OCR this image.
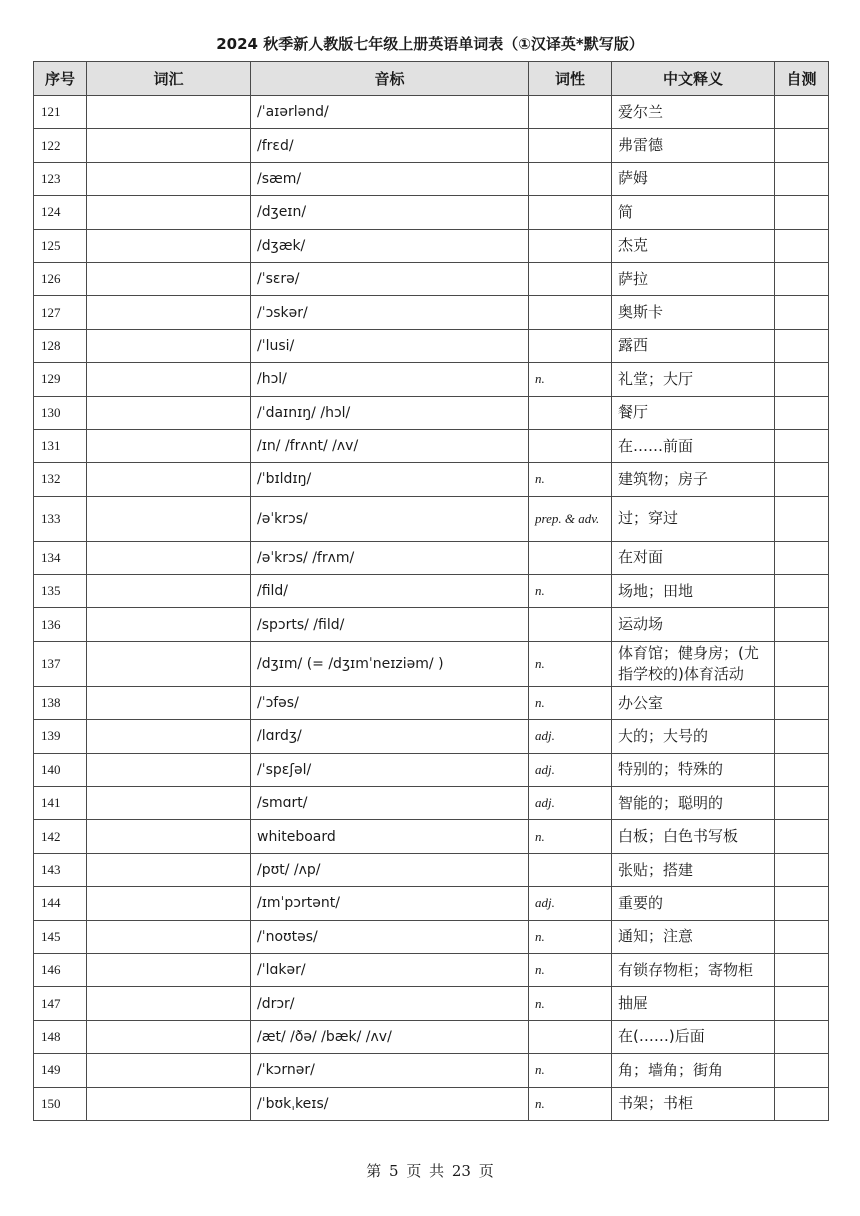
2024 秋季新人教版七年级上册英语单词表（①汉译英*默写版）
序号	词汇	音标	词性	中文释义	自测
121		/ˈaɪərlənd/		爱尔兰	
122		/frɛd/		弗雷德	
123		/sæm/		萨姆	
124		/dʒeɪn/		简	
125		/dʒæk/		杰克	
126		/ˈsɛrə/		萨拉	
127		/ˈɔskər/		奥斯卡	
128		/ˈlusi/		露西	
129		/hɔl/	n.	礼堂；大厅	
130		/ˈdaɪnɪŋ/ /hɔl/		餐厅	
131		/ɪn/ /frʌnt/ /ʌv/		在……前面	
132		/ˈbɪldɪŋ/	n.	建筑物；房子	
133		/əˈkrɔs/	prep. & adv.	过；穿过	
134		/əˈkrɔs/ /frʌm/		在对面	
135		/fild/	n.	场地；田地	
136		/spɔrts/ /fild/		运动场	
137		/dʒɪm/ (= /dʒɪmˈneɪziəm/ )	n.	体育馆；健身房；(尤指学校的)体育活动	
138		/ˈɔfəs/	n.	办公室	
139		/lɑrdʒ/	adj.	大的；大号的	
140		/ˈspɛʃəl/	adj.	特别的；特殊的	
141		/smɑrt/	adj.	智能的；聪明的	
142		whiteboard	n.	白板；白色书写板	
143		/pʊt/ /ʌp/		张贴；搭建	
144		/ɪmˈpɔrtənt/	adj.	重要的	
145		/ˈnoʊtəs/	n.	通知；注意	
146		/ˈlɑkər/	n.	有锁存物柜；寄物柜	
147		/drɔr/	n.	抽屉	
148		/æt/ /ðə/ /bæk/ /ʌv/		在(……)后面	
149		/ˈkɔrnər/	n.	角；墙角；街角	
150		/ˈbʊkˌkeɪs/	n.	书架；书柜	
第 5 页 共 23 页
